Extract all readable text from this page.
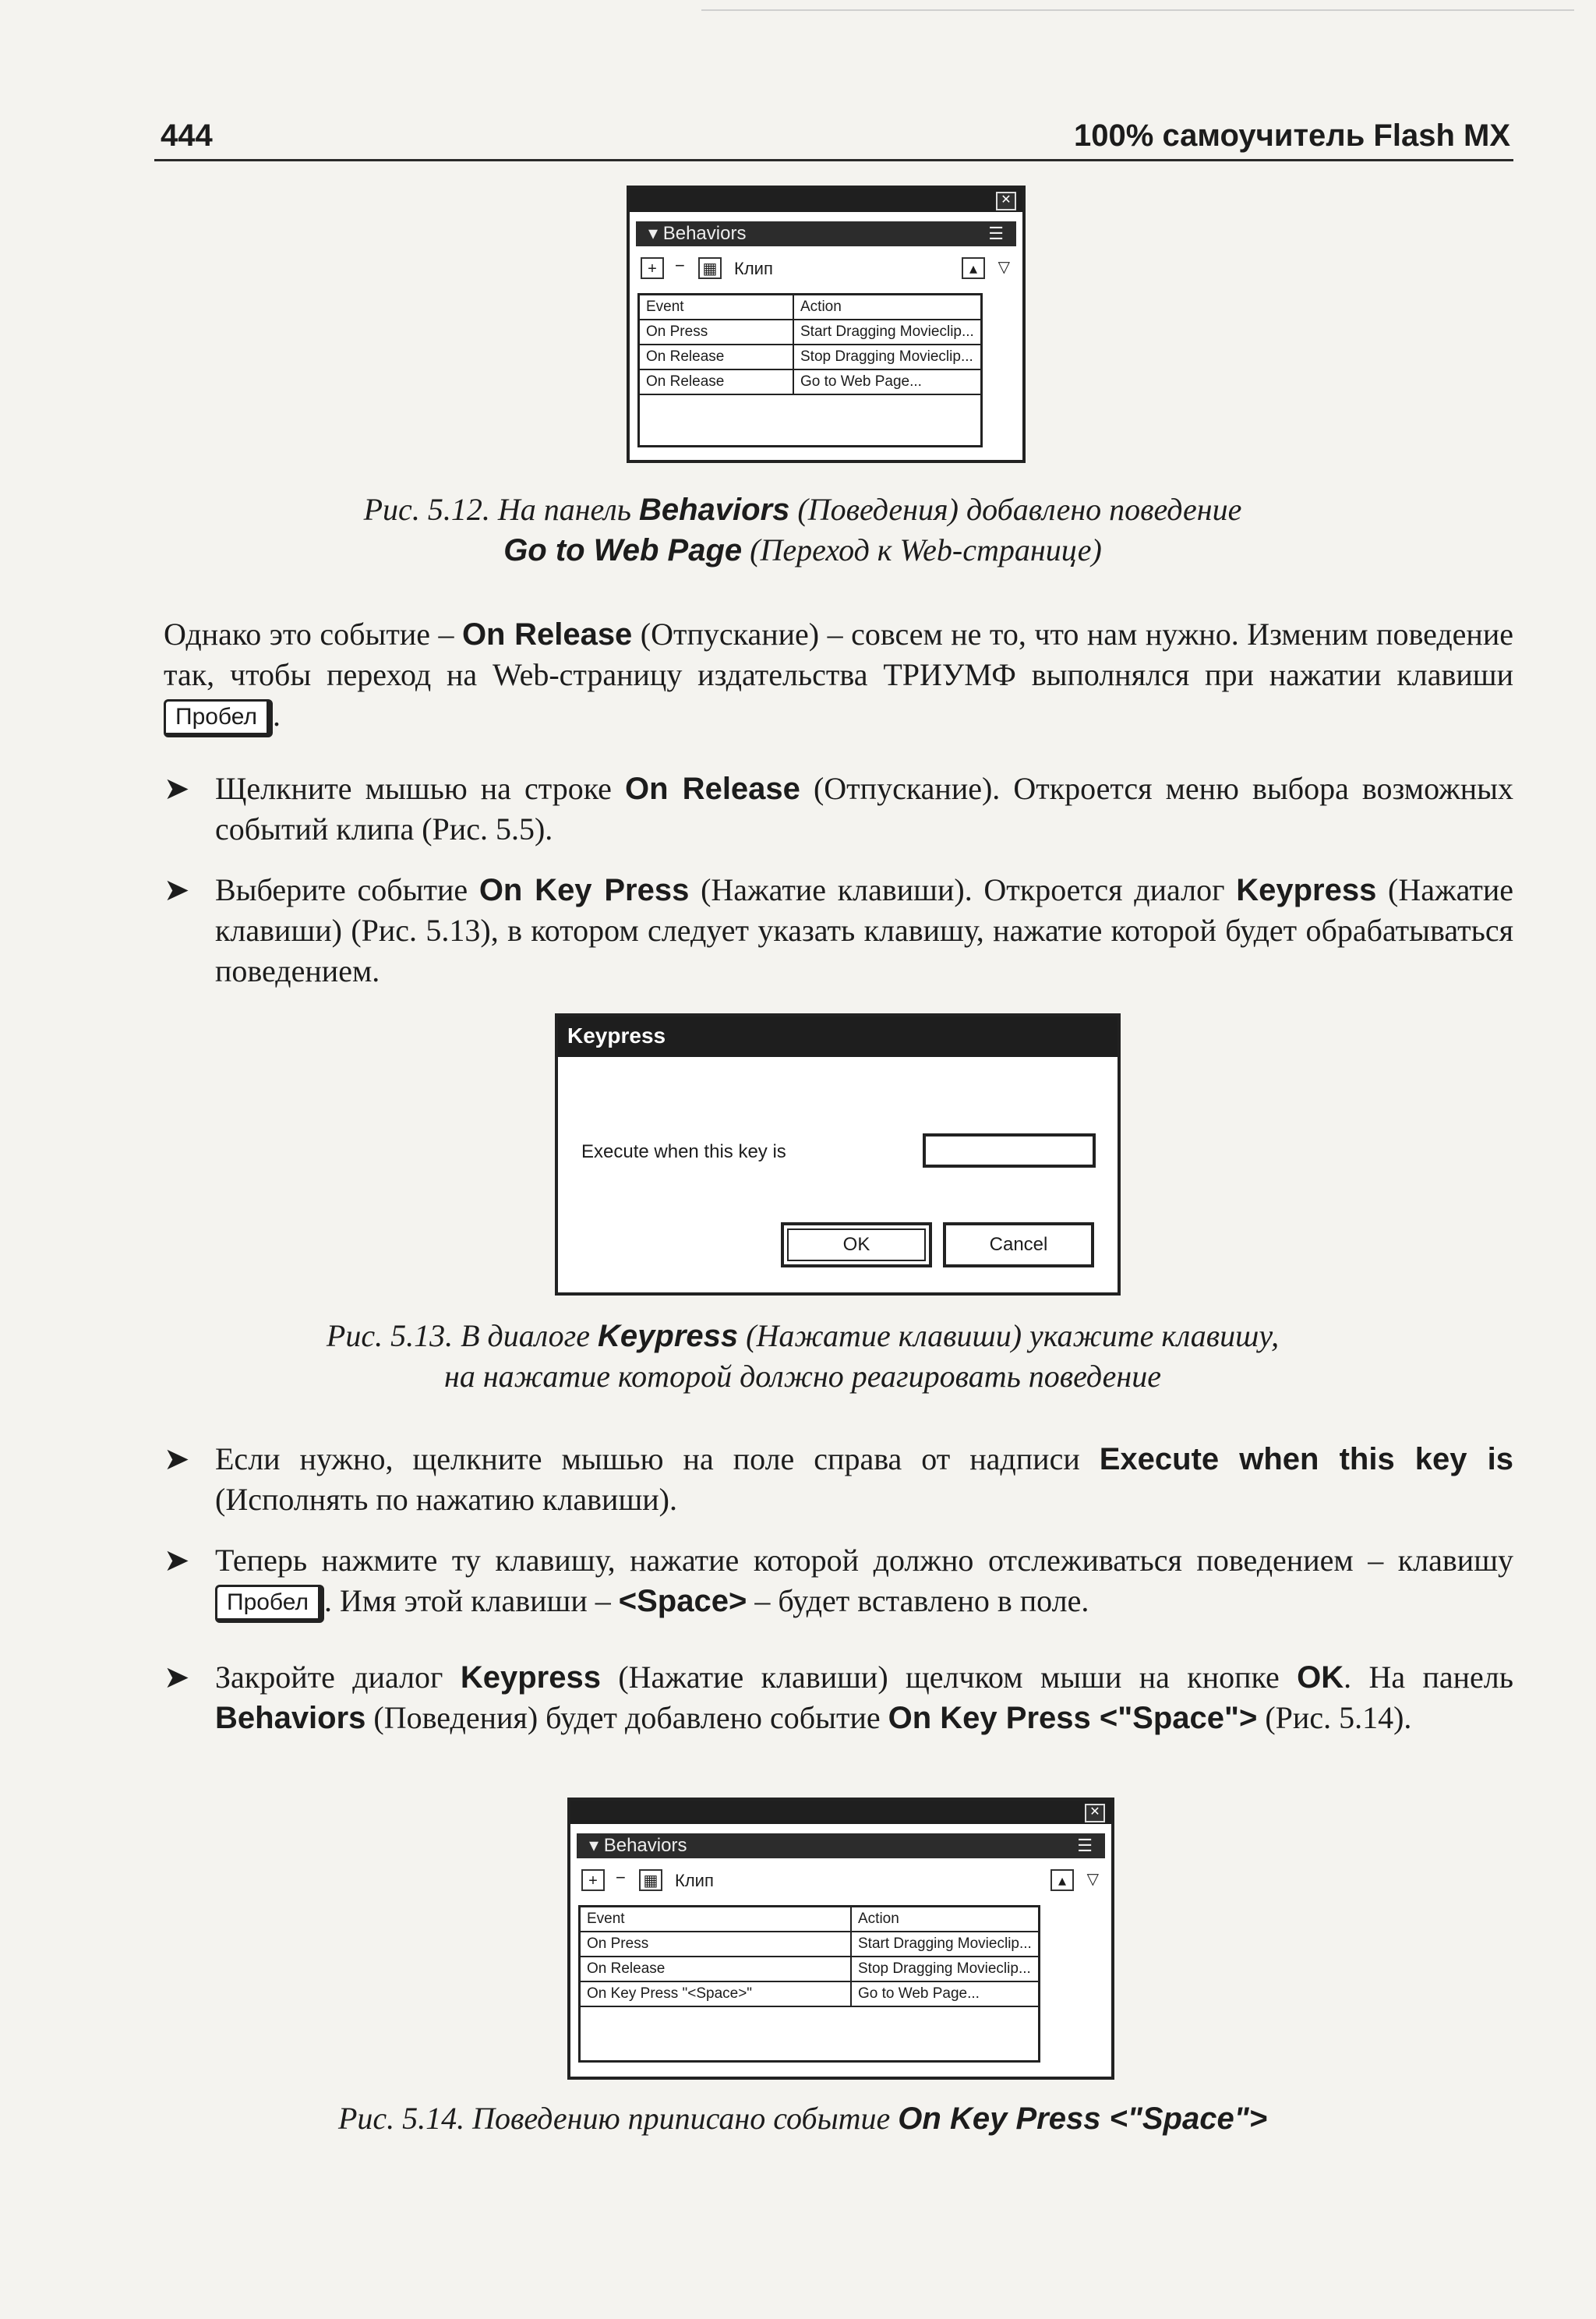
444	100% самоучитель Flash MX
✕
▾ Behaviors	☰
+	− ▦ Клип	▴	▽
Event	Action
On Press	Start Dragging Movieclip...
On Release	Stop Dragging Movieclip...
On Release	Go to Web Page...

Рис. 5.12. На панель Behaviors (Поведения) добавлено поведение
Go to Web Page (Переход к Web-странице)
Однако это событие – On Release (Отпускание) – совсем не то, что нам нужно. Изменим поведение так, чтобы переход на Web-страницу издательства ТРИУМФ выполнялся при нажатии клавиши Пробел .
➤ Щелкните мышью на строке On Release (Отпускание). Откроется меню выбора возможных событий клипа (Рис. 5.5).
➤ Выберите событие On Key Press (Нажатие клавиши). Откроется диалог Keypress (Нажатие клавиши) (Рис. 5.13), в котором следует указать клавишу, нажатие которой будет обрабатываться поведением.
Keypress
Execute when this key is
OK	Cancel
Рис. 5.13. В диалоге Keypress (Нажатие клавиши) укажите клавишу,
на нажатие которой должно реагировать поведение
➤ Если нужно, щелкните мышью на поле справа от надписи Execute when this key is (Исполнять по нажатию клавиши).
➤ Теперь нажмите ту клавишу, нажатие которой должно отслеживаться поведением – клавишу Пробел . Имя этой клавиши – <Space> – будет вставлено в поле.
➤ Закройте диалог Keypress (Нажатие клавиши) щелчком мыши на кнопке OK. На панель Behaviors (Поведения) будет добавлено событие On Key Press <"Space"> (Рис. 5.14).
✕
▾ Behaviors	☰
+	− ▦ Клип	▴	▽
Event	Action
On Press	Start Dragging Movieclip...
On Release	Stop Dragging Movieclip...
On Key Press "<Space>"	Go to Web Page...

Рис. 5.14. Поведению приписано событие On Key Press <"Space">
